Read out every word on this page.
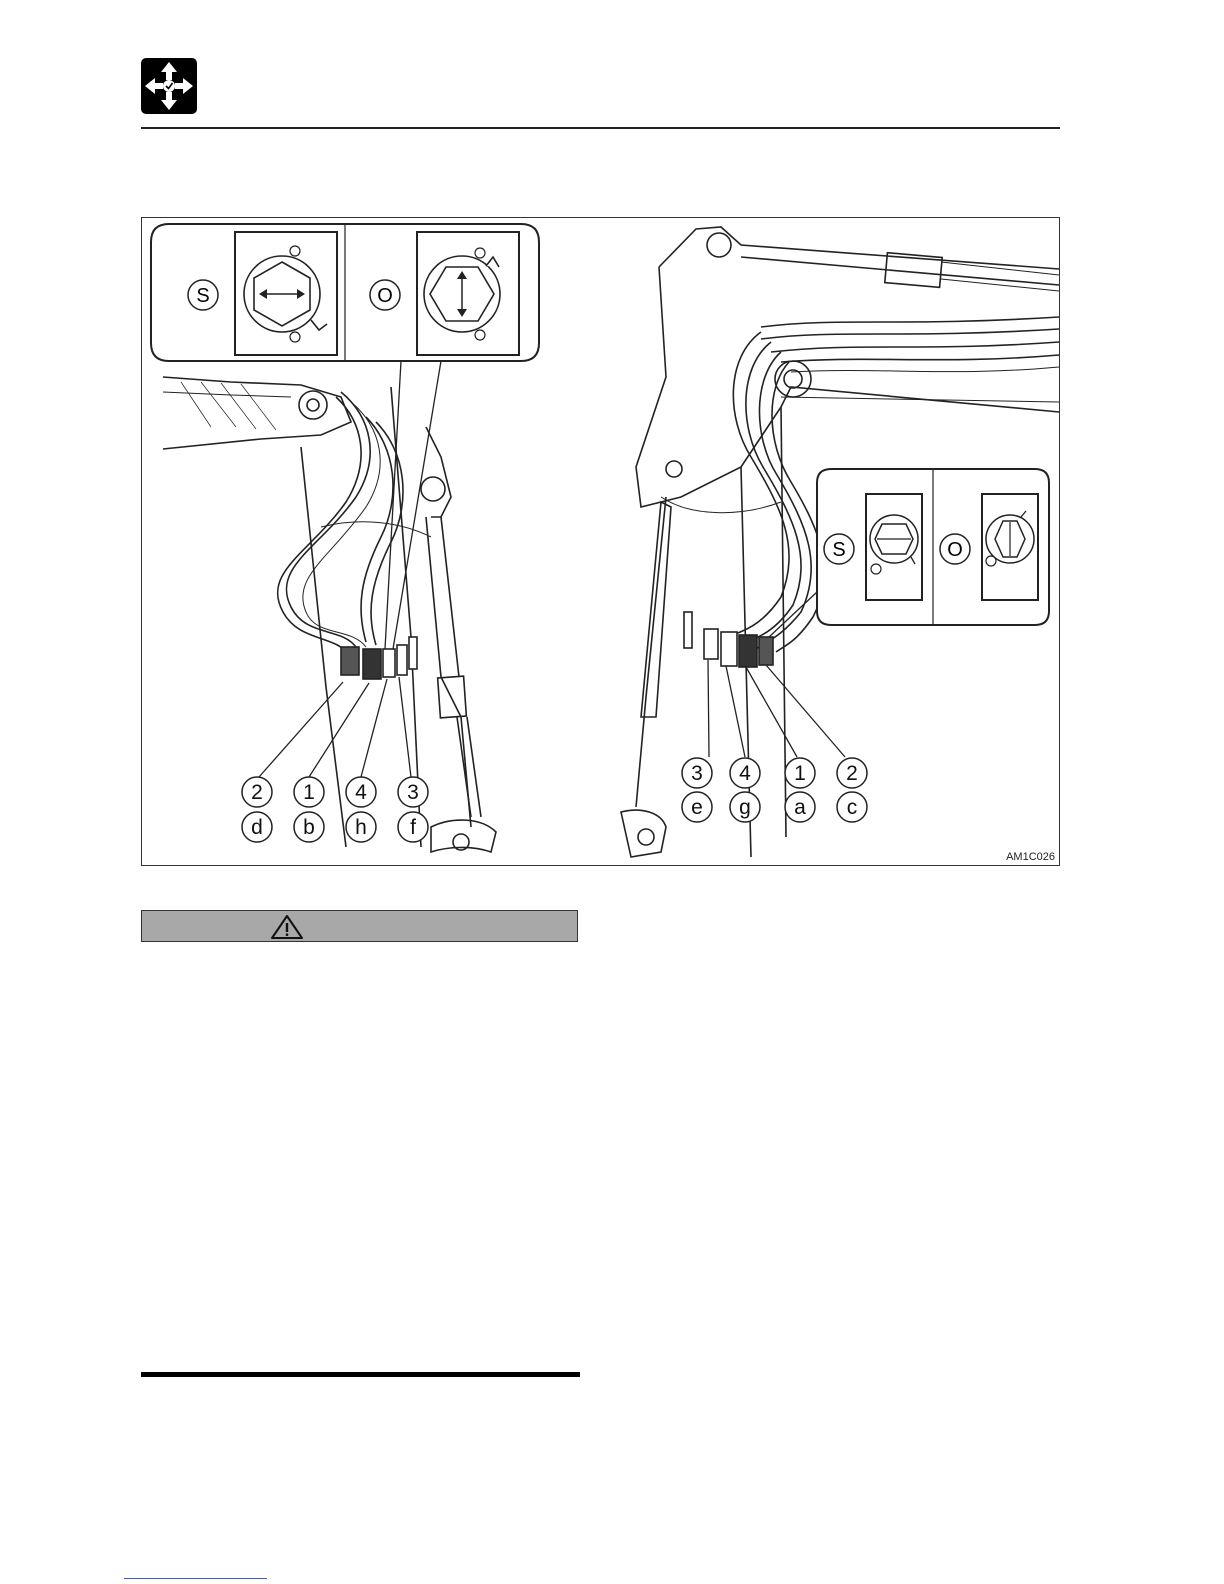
S	O
2
d
1
b
4
h
3
f
S	O
3
e
4
g
1
a
2
c
AM1C026
